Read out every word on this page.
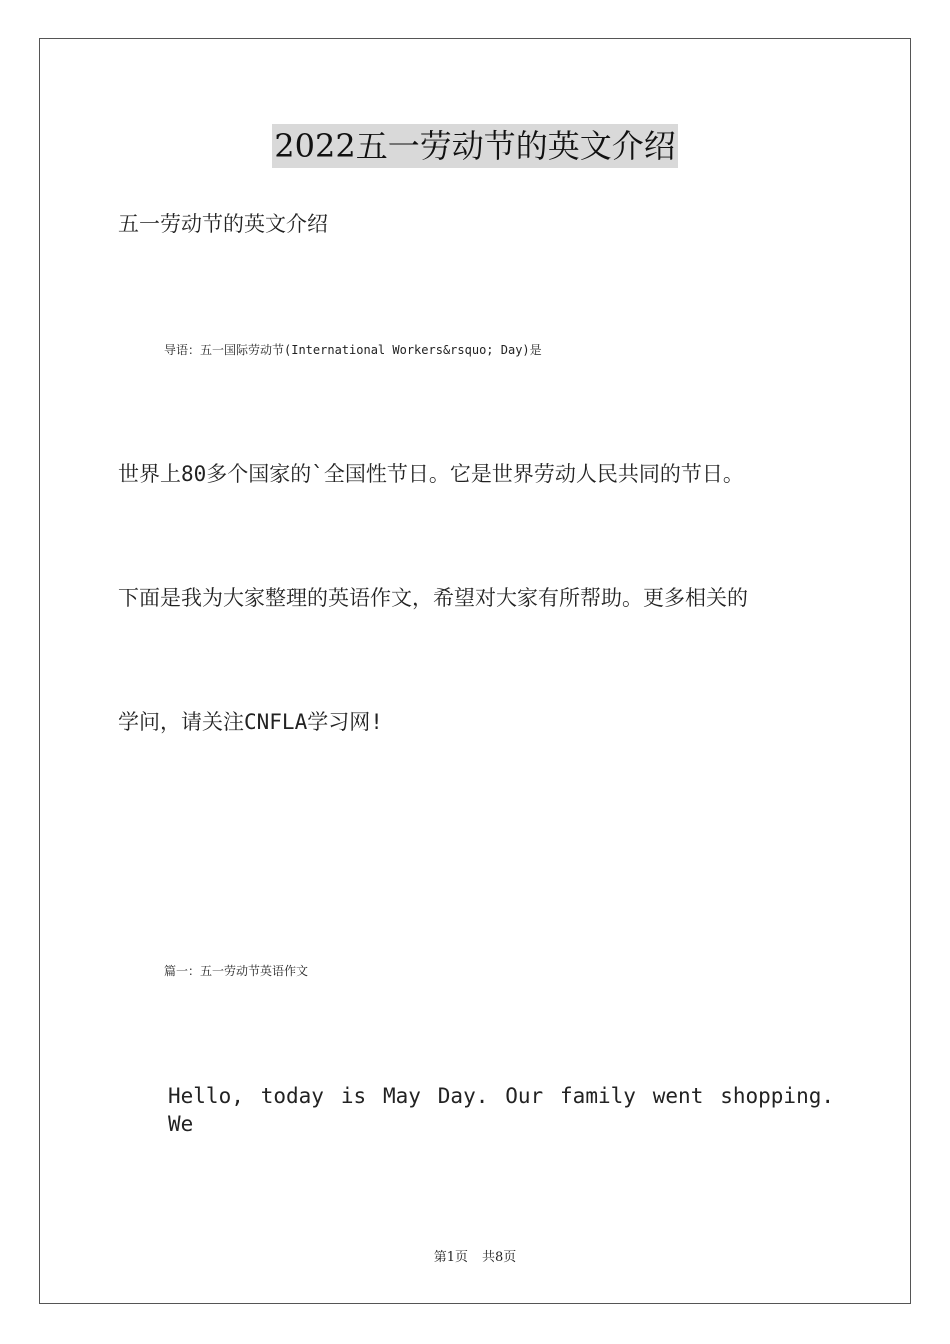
2022五一劳动节的英文介绍
五一劳动节的英文介绍
导语：五一国际劳动节(International Workers&rsquo; Day)是
世界上80多个国家的`全国性节日。它是世界劳动人民共同的节日。
下面是我为大家整理的英语作文，希望对大家有所帮助。更多相关的
学问，请关注CNFLA学习网!
篇一：五一劳动节英语作文
Hello, today is May Day. Our family went shopping. We
第1页 共8页
